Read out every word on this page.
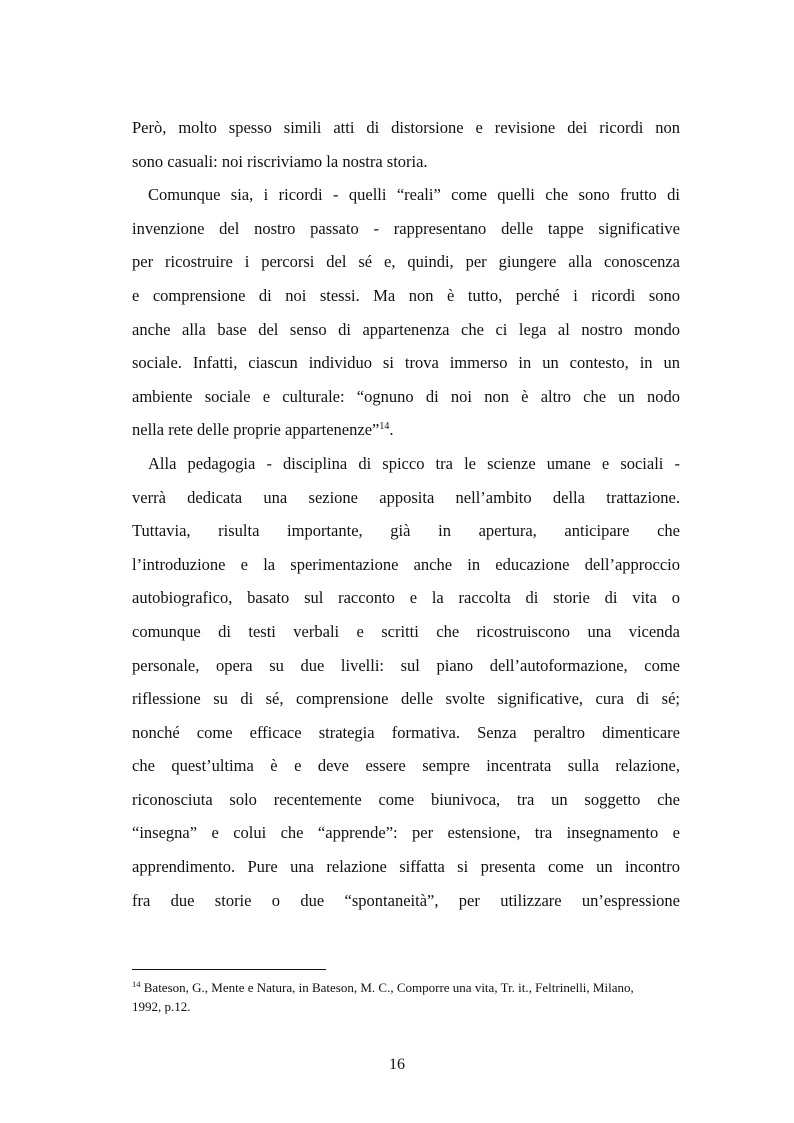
Però, molto spesso simili atti di distorsione e revisione dei ricordi non
sono casuali: noi riscriviamo la nostra storia.
Comunque sia, i ricordi - quelli “reali” come quelli che sono frutto di
invenzione del nostro passato - rappresentano delle tappe significative
per ricostruire i percorsi del sé e, quindi, per giungere alla conoscenza
e comprensione di noi stessi. Ma non è tutto, perché i ricordi sono
anche alla base del senso di appartenenza che ci lega al nostro mondo
sociale. Infatti, ciascun individuo si trova immerso in un contesto, in un
ambiente sociale e culturale: “ognuno di noi non è altro che un nodo
nella rete delle proprie appartenenze”$^{14}$.
Alla pedagogia - disciplina di spicco tra le scienze umane e sociali -
verrà dedicata una sezione apposita nell’ambito della trattazione.
Tuttavia, risulta importante, già in apertura, anticipare che
l’introduzione e la sperimentazione anche in educazione dell’approccio
autobiografico, basato sul racconto e la raccolta di storie di vita o
comunque di testi verbali e scritti che ricostruiscono una vicenda
personale, opera su due livelli: sul piano dell’autoformazione, come
riflessione su di sé, comprensione delle svolte significative, cura di sé;
nonché come efficace strategia formativa. Senza peraltro dimenticare
che quest’ultima è e deve essere sempre incentrata sulla relazione,
riconosciuta solo recentemente come biunivoca, tra un soggetto che
“insegna” e colui che “apprende”: per estensione, tra insegnamento e
apprendimento. Pure una relazione siffatta si presenta come un incontro
fra due storie o due “spontaneità”, per utilizzare un’espressione
$^{14}$ Bateson, G., Mente e Natura, in Bateson, M. C., Comporre una vita, Tr. it., Feltrinelli, Milano,
1992, p.12.
16
